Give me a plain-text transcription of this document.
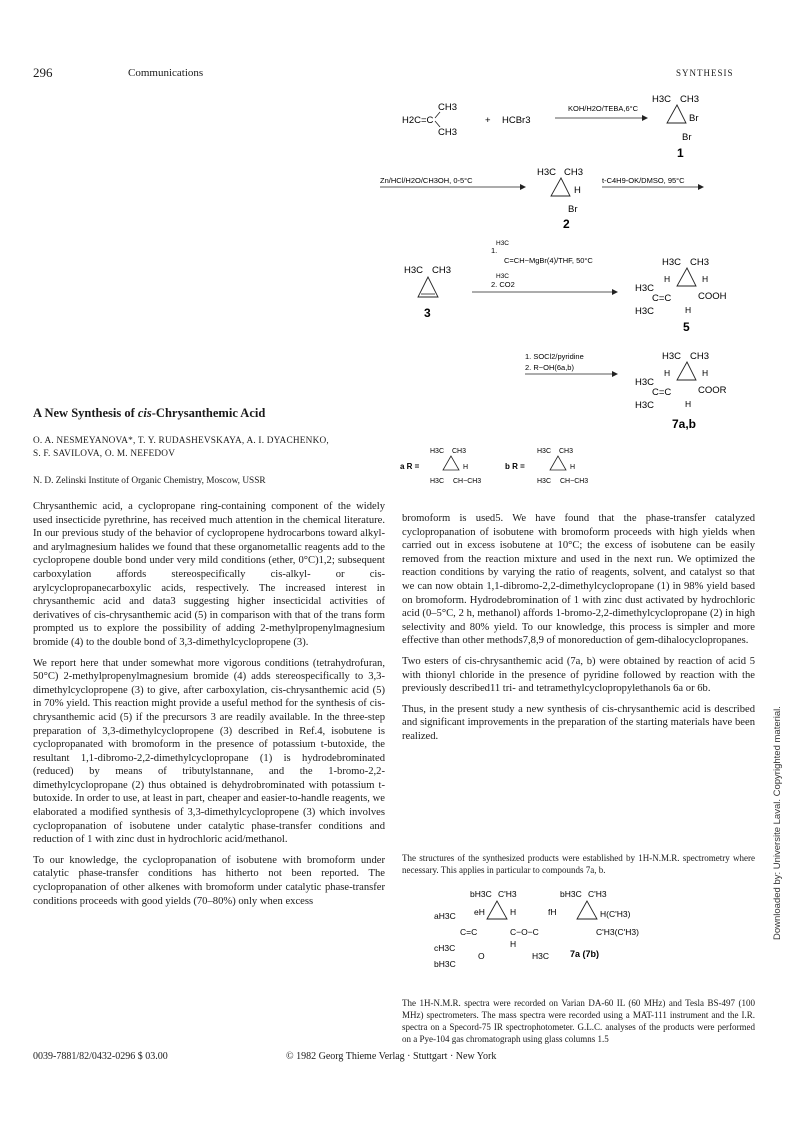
296	Communications	SYNTHESIS
CH3
H2C=C
CH3
+ HCBr3
KOH/H2O/TEBA,6°C
H3C CH3
Br
Br
1
Zn/HCl/H2O/CH3OH, 0-5°C
H3C CH3
H
Br
2
t-C4H9-OK/DMSO, 95°C
H3C CH3
3
1.
H3C
C=CH−MgBr(4)/THF, 50°C
H3C
2. CO2
H3C CH3
H	H
H3C
C=C	COOH
H3C	H
5
1. SOCl2/pyridine
2. R−OH(6a,b)
H3C CH3
H	H
H3C
C=C	COOR
H3C	H
7a,b
H3C CH3
a R =	H
H3C CH−CH3
H3C CH3
b R =	H
H3C CH−CH3
A New Synthesis of cis-Chrysanthemic Acid
O. A. NESMEYANOVA*, T. Y. RUDASHEVSKAYA, A. I. DYACHENKO,
S. F. SAVILOVA, O. M. NEFEDOV
N. D. Zelinski Institute of Organic Chemistry, Moscow, USSR

Chrysanthemic acid, a cyclopropane ring-containing component of the widely used insecticide pyrethrine, has received much attention in the chemical literature. In our previous study of the behavior of cyclopropene hydrocarbons toward alkyl- and arylmagnesium halides we found that these organometallic reagents add to the cyclopropene double bond under very mild conditions (ether, 0°C)1,2; subsequent carboxylation affords stereospecifically cis-alkyl- or cis-arylcyclopropanecarboxylic acids, respectively. The increased interest in chrysanthemic acid and data3 suggesting higher insecticidal activities of derivatives of cis-chrysanthemic acid (5) in comparison with that of the trans form prompted us to explore the possibility of adding 2-methylpropenylmagnesium bromide (4) to the double bond of 3,3-dimethylcyclopropene (3).

We report here that under somewhat more vigorous conditions (tetrahydrofuran, 50°C) 2-methylpropenylmagnesium bromide (4) adds stereospecifically to 3,3-dimethylcyclopropene (3) to give, after carboxylation, cis-chrysanthemic acid (5) in 70% yield. This reaction might provide a useful method for the synthesis of cis-chrysanthemic acid (5) if the precursors 3 are readily available. In the three-step preparation of 3,3-dimethylcyclopropene (3) described in Ref.4, isobutene is cyclopropanated with bromoform in the presence of potassium t-butoxide, the resultant 1,1-dibromo-2,2-dimethylcyclopropane (1) is hydrodebrominated (reduced) by means of tributylstannane, and the 1-bromo-2,2-dimethylcyclopropane (2) thus obtained is dehydrobrominated with potassium t-butoxide. In order to use, at least in part, cheaper and easier-to-handle reagents, we elaborated a modified synthesis of 3,3-dimethylcyclopropene (3) which involves cyclopropanation of isobutene under catalytic phase-transfer conditions and reduction of 1 with zinc dust in hydrochloric acid/methanol.

To our knowledge, the cyclopropanation of isobutene with bromoform under catalytic phase-transfer conditions has hitherto not been reported. The cyclopropanation of other alkenes with bromoform under catalytic phase-transfer conditions proceeds with good yields (70–80%) only when excess

bromoform is used5. We have found that the phase-transfer catalyzed cyclopropanation of isobutene with bromoform proceeds with high yields when carried out in excess isobutene at 10°C; the excess of isobutene can be easily removed from the reaction mixture and used in the next run. We optimized the reaction conditions by varying the ratio of reagents, solvent, and catalyst so that we can now obtain 1,1-dibromo-2,2-dimethylcyclopropane (1) in 98% yield based on bromoform. Hydrodebromination of 1 with zinc dust activated by hydrochloric acid (0–5°C, 2 h, methanol) affords 1-bromo-2,2-dimethylcyclopropane (2) in high selectivity and 80% yield. To our knowledge, this process is simpler and more effective than other methods7,8,9 of monoreduction of gem-dihalocyclopropanes.

Two esters of cis-chrysanthemic acid (7a, b) were obtained by reaction of acid 5 with thionyl chloride in the presence of pyridine followed by reaction with the previously described11 tri- and tetramethylcyclopropylethanols 6a or 6b.

Thus, in the present study a new synthesis of cis-chrysanthemic acid is described and significant improvements in the preparation of the starting materials have been realized.

The structures of the synthesized products were established by 1H-N.M.R. spectrometry where necessary. This applies in particular to compounds 7a, b.
bH3C C'H3	bH3C C'H3
aH3C eH	H	fH	H(C'H3)
C=C	C−O−C	C'H3(C'H3)
cH3C	H
O	H3C
bH3C
7a (7b)
The 1H-N.M.R. spectra were recorded on Varian DA-60 IL (60 MHz) and Tesla BS-497 (100 MHz) spectrometers. The mass spectra were recorded using a MAT-111 instrument and the I.R. spectra on a Specord-75 IR spectrophotometer. G.L.C. analyses of the products were performed on a Pye-104 gas chromatograph using glass columns 1.5
0039-7881/82/0432-0296 $ 03.00	© 1982 Georg Thieme Verlag · Stuttgart · New York
Downloaded by: Universite Laval. Copyrighted material.
